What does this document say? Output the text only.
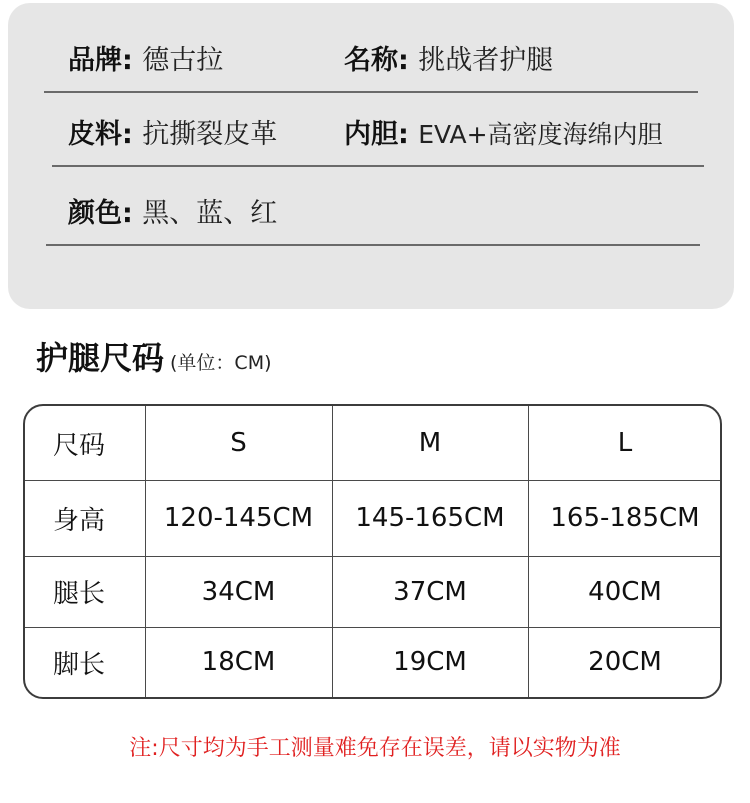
品牌: 德古拉	名称: 挑战者护腿
皮料: 抗撕裂皮革 内胆: EVA+高密度海绵内胆
颜色: 黑、蓝、红
护腿尺码 (单位：CM)
尺码	S	M	L
身高	120-145CM	145-165CM	165-185CM
腿长	34CM	37CM	40CM
脚长	18CM	19CM	20CM
注:尺寸均为手工测量难免存在误差，请以实物为准
